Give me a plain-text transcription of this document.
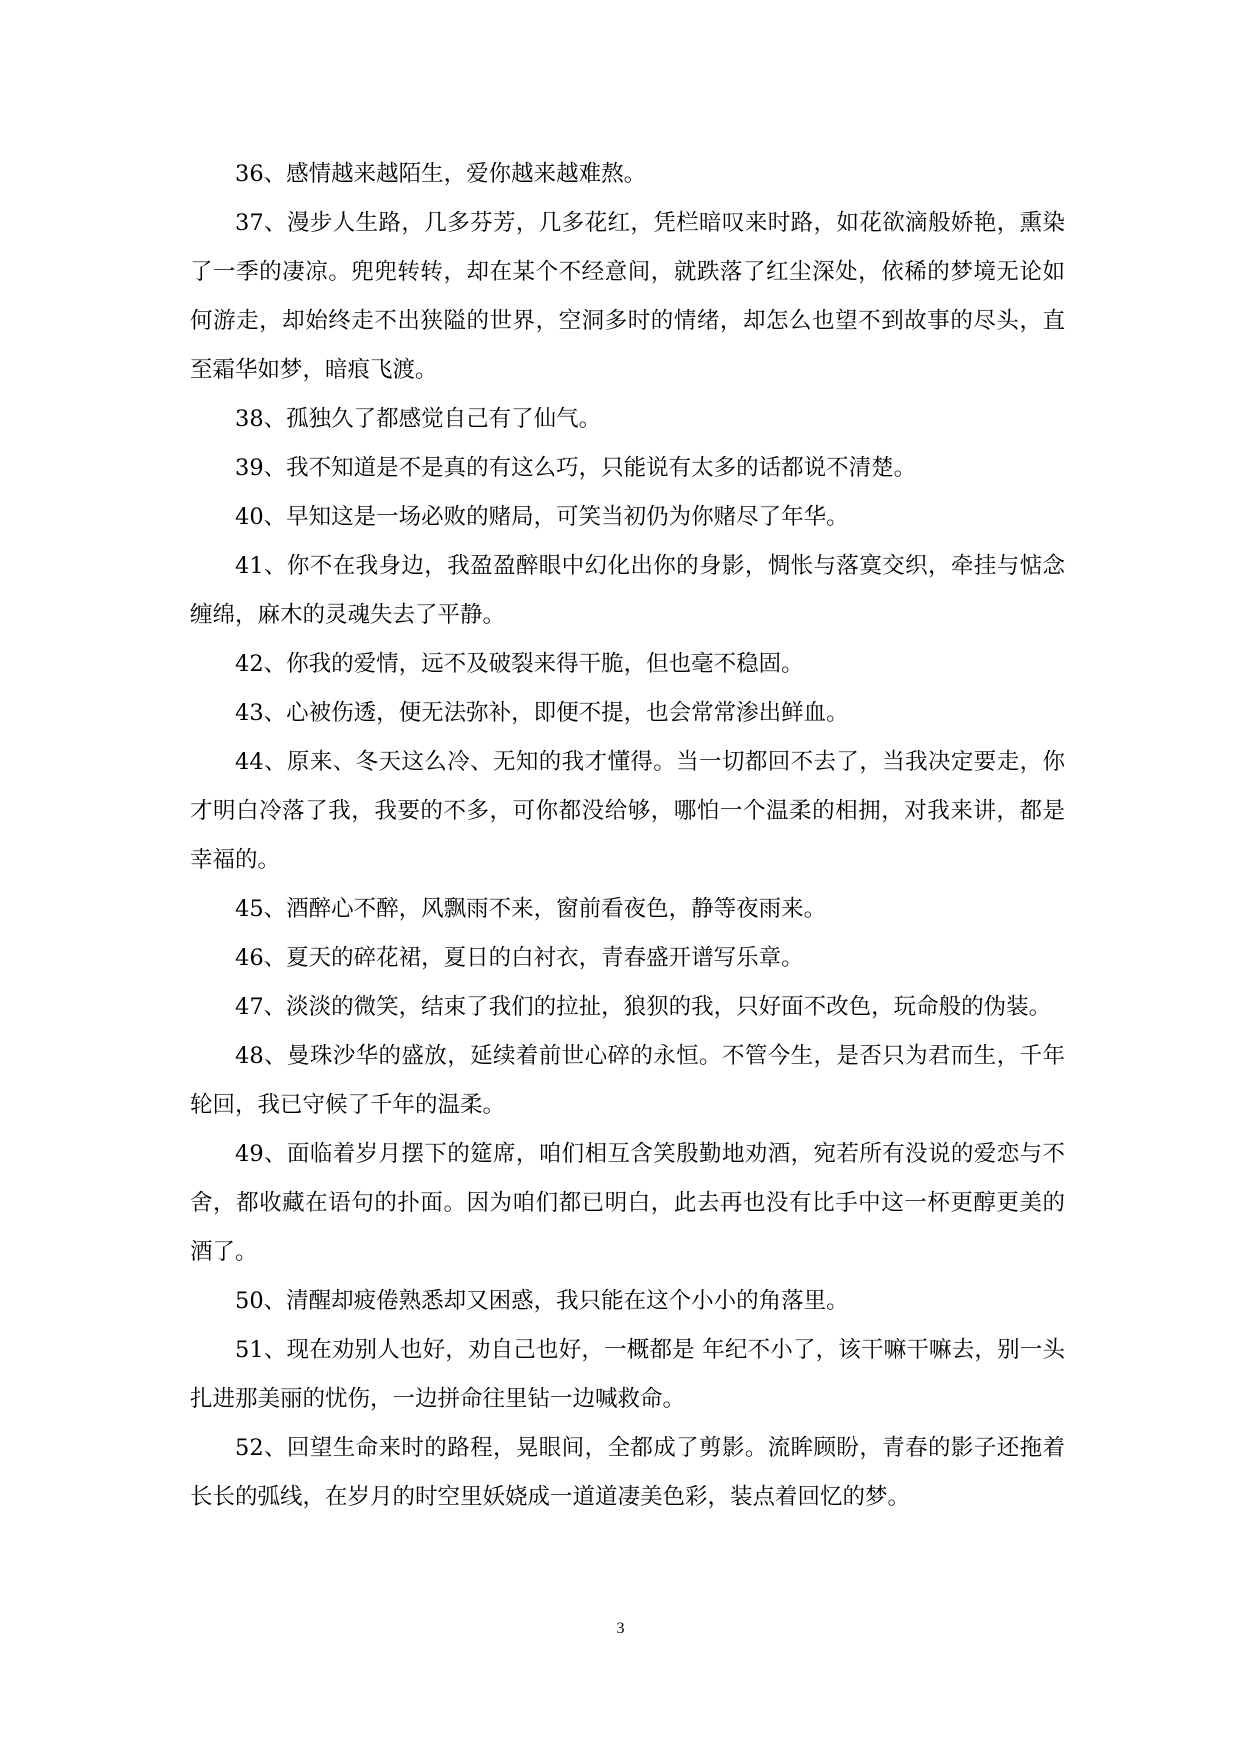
36、感情越来越陌生，爱你越来越难熬。

37、漫步人生路，几多芬芳，几多花红，凭栏暗叹来时路，如花欲滴般娇艳，熏染了一季的凄凉。兜兜转转，却在某个不经意间，就跌落了红尘深处，依稀的梦境无论如何游走，却始终走不出狭隘的世界，空洞多时的情绪，却怎么也望不到故事的尽头，直至霜华如梦，暗痕飞渡。

38、孤独久了都感觉自己有了仙气。

39、我不知道是不是真的有这么巧，只能说有太多的话都说不清楚。

40、早知这是一场必败的赌局，可笑当初仍为你赌尽了年华。

41、你不在我身边，我盈盈醉眼中幻化出你的身影，惆怅与落寞交织，牵挂与惦念缠绵，麻木的灵魂失去了平静。

42、你我的爱情，远不及破裂来得干脆，但也毫不稳固。

43、心被伤透，便无法弥补，即便不提，也会常常渗出鲜血。

44、原来、冬天这么冷、无知的我才懂得。当一切都回不去了，当我决定要走，你才明白冷落了我，我要的不多，可你都没给够，哪怕一个温柔的相拥，对我来讲，都是幸福的。

45、酒醉心不醉，风飘雨不来，窗前看夜色，静等夜雨来。

46、夏天的碎花裙，夏日的白衬衣，青春盛开谱写乐章。

47、淡淡的微笑，结束了我们的拉扯，狼狈的我，只好面不改色，玩命般的伪装。

48、曼珠沙华的盛放，延续着前世心碎的永恒。不管今生，是否只为君而生，千年轮回，我已守候了千年的温柔。

49、面临着岁月摆下的筵席，咱们相互含笑殷勤地劝酒，宛若所有没说的爱恋与不舍，都收藏在语句的扑面。因为咱们都已明白，此去再也没有比手中这一杯更醇更美的酒了。

50、清醒却疲倦熟悉却又困惑，我只能在这个小小的角落里。

51、现在劝别人也好，劝自己也好，一概都是 年纪不小了，该干嘛干嘛去，别一头扎进那美丽的忧伤，一边拼命往里钻一边喊救命。

52、回望生命来时的路程，晃眼间，全都成了剪影。流眸顾盼，青春的影子还拖着长长的弧线，在岁月的时空里妖娆成一道道凄美色彩，装点着回忆的梦。

3
